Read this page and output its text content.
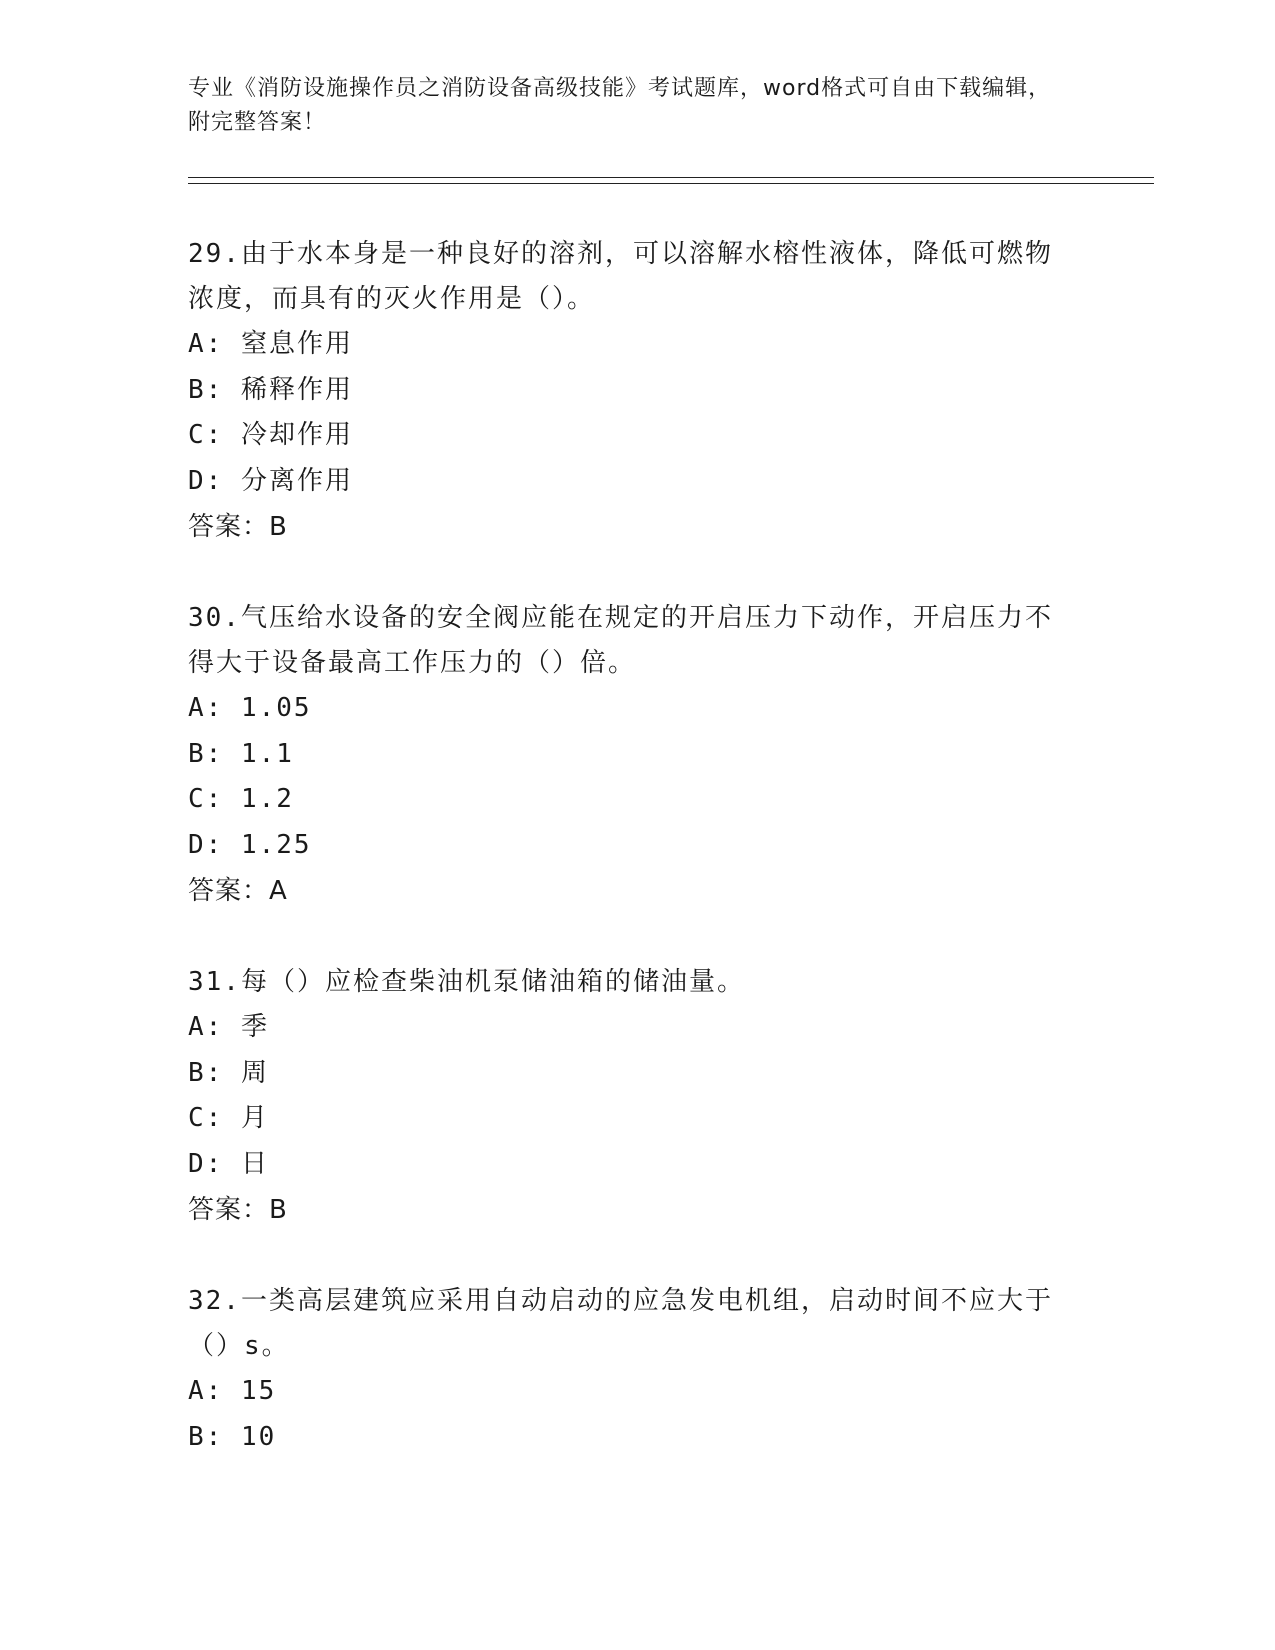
专业《消防设施操作员之消防设备高级技能》考试题库，word格式可自由下载编辑，附完整答案！
29.由于水本身是一种良好的溶剂，可以溶解水榕性液体，降低可燃物浓度，而具有的灭火作用是（）。
A: 窒息作用
B: 稀释作用
C: 冷却作用
D: 分离作用
答案：B
30.气压给水设备的安全阀应能在规定的开启压力下动作，开启压力不得大于设备最高工作压力的（）倍。
A: 1.05
B: 1.1
C: 1.2
D: 1.25
答案：A
31.每（）应检查柴油机泵储油箱的储油量。
A: 季
B: 周
C: 月
D: 日
答案：B
32.一类高层建筑应采用自动启动的应急发电机组，启动时间不应大于（）s。
A: 15
B: 10
